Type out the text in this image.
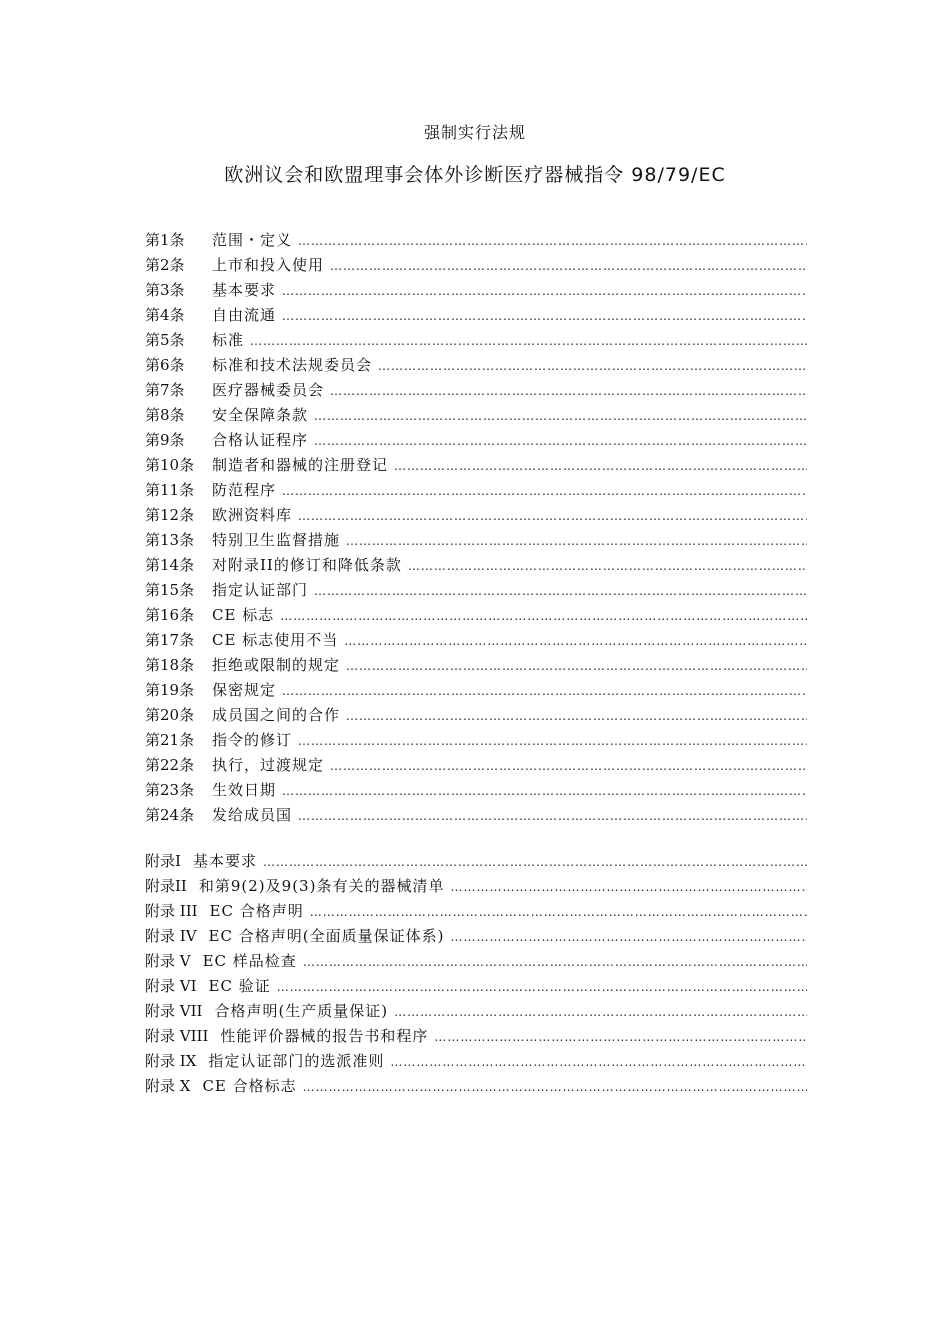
强制实行法规
欧洲议会和欧盟理事会体外诊断医疗器械指令 98/79/EC
第1条	范围・定义
………………………………………………………………………………………………………………………………………………………………………………………
第2条	上市和投入使用
………………………………………………………………………………………………………………………………………………………………………………………
第3条	基本要求
………………………………………………………………………………………………………………………………………………………………………………………
第4条	自由流通
………………………………………………………………………………………………………………………………………………………………………………………
第5条	标准
………………………………………………………………………………………………………………………………………………………………………………………
第6条	标准和技术法规委员会
………………………………………………………………………………………………………………………………………………………………………………………
第7条	医疗器械委员会
………………………………………………………………………………………………………………………………………………………………………………………
第8条	安全保障条款
………………………………………………………………………………………………………………………………………………………………………………………
第9条	合格认证程序
………………………………………………………………………………………………………………………………………………………………………………………
第10条	制造者和器械的注册登记
………………………………………………………………………………………………………………………………………………………………………………………
第11条	防范程序
………………………………………………………………………………………………………………………………………………………………………………………
第12条	欧洲资料库
………………………………………………………………………………………………………………………………………………………………………………………
第13条	特别卫生监督措施
………………………………………………………………………………………………………………………………………………………………………………………
第14条	对附录II的修订和降低条款
………………………………………………………………………………………………………………………………………………………………………………………
第15条	指定认证部门
………………………………………………………………………………………………………………………………………………………………………………………
第16条	CE 标志
………………………………………………………………………………………………………………………………………………………………………………………
第17条	CE 标志使用不当
………………………………………………………………………………………………………………………………………………………………………………………
第18条	拒绝或限制的规定
………………………………………………………………………………………………………………………………………………………………………………………
第19条	保密规定
………………………………………………………………………………………………………………………………………………………………………………………
第20条	成员国之间的合作
………………………………………………………………………………………………………………………………………………………………………………………
第21条	指令的修订
………………………………………………………………………………………………………………………………………………………………………………………
第22条	执行，过渡规定
………………………………………………………………………………………………………………………………………………………………………………………
第23条	生效日期
………………………………………………………………………………………………………………………………………………………………………………………
第24条	发给成员国
………………………………………………………………………………………………………………………………………………………………………………………
附录I 基本要求
………………………………………………………………………………………………………………………………………………………………………………………
附录II 和第9(2)及9(3)条有关的器械清单
………………………………………………………………………………………………………………………………………………………………………………………
附录 III EC 合格声明
………………………………………………………………………………………………………………………………………………………………………………………
附录 IV EC 合格声明(全面质量保证体系)
………………………………………………………………………………………………………………………………………………………………………………………
附录 V EC 样品检查
………………………………………………………………………………………………………………………………………………………………………………………
附录 VI EC 验证
………………………………………………………………………………………………………………………………………………………………………………………
附录 VII 合格声明(生产质量保证)
………………………………………………………………………………………………………………………………………………………………………………………
附录 VIII 性能评价器械的报告书和程序
………………………………………………………………………………………………………………………………………………………………………………………
附录 IX 指定认证部门的选派准则
………………………………………………………………………………………………………………………………………………………………………………………
附录 X CE 合格标志
………………………………………………………………………………………………………………………………………………………………………………………
